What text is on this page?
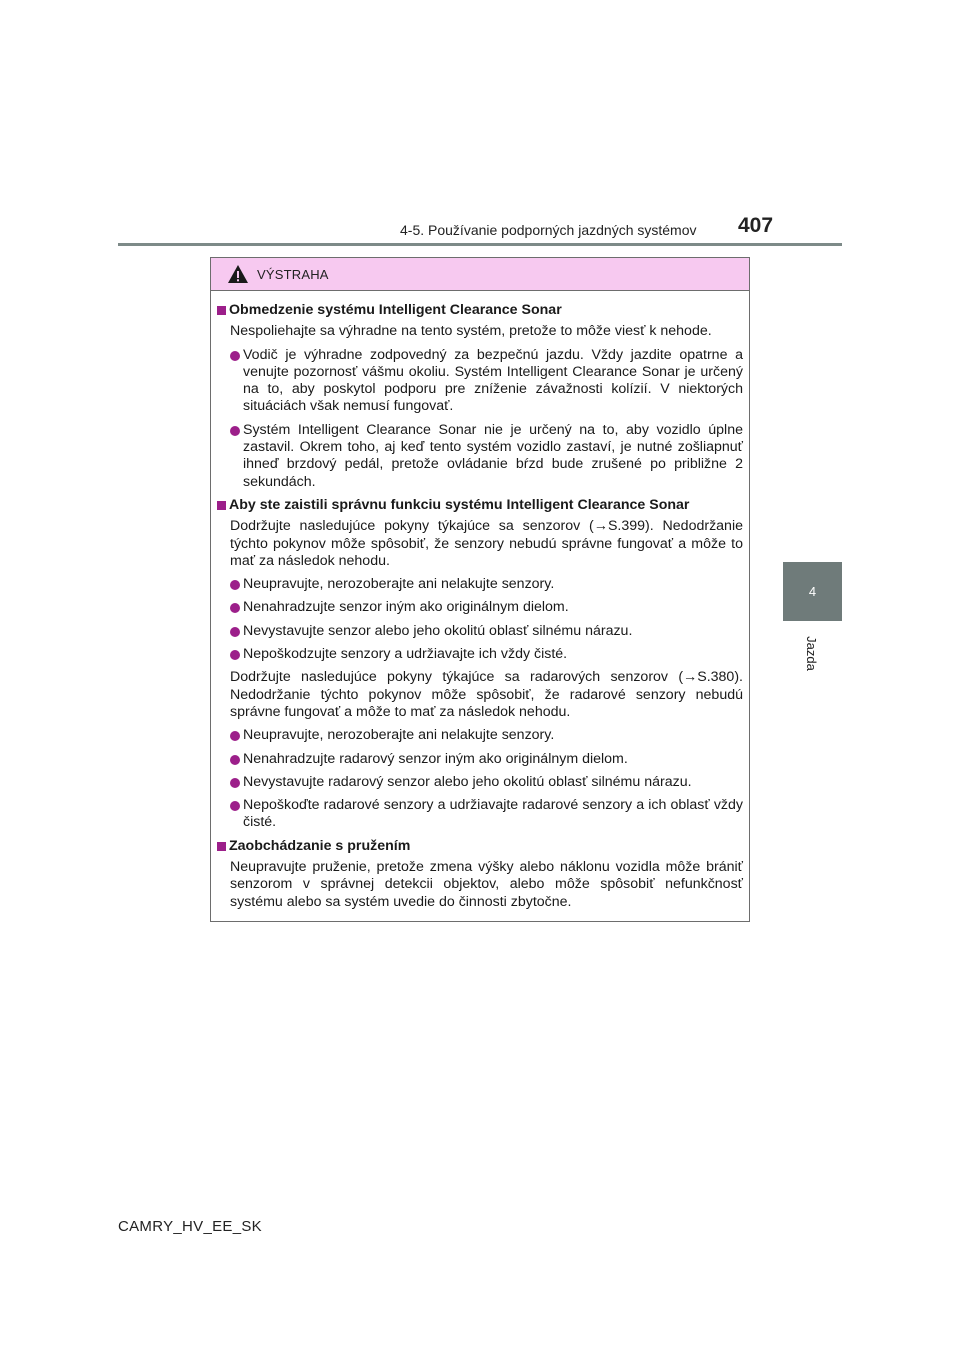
4-5. Používanie podporných jazdných systémov 407
4
Jazda
VÝSTRAHA
Obmedzenie systému Intelligent Clearance Sonar
Nespoliehajte sa výhradne na tento systém, pretože to môže viesť k nehode.
Vodič je výhradne zodpovedný za bezpečnú jazdu. Vždy jazdite opatrne a venujte pozornosť vášmu okoliu. Systém Intelligent Clearance Sonar je určený na to, aby poskytol podporu pre zníženie závažnosti kolízií. V niektorých situáciách však nemusí fungovať.
Systém Intelligent Clearance Sonar nie je určený na to, aby vozidlo úplne zastavil. Okrem toho, aj keď tento systém vozidlo zastaví, je nutné zošliapnuť ihneď brzdový pedál, pretože ovládanie bŕzd bude zrušené po približne 2 sekundách.
Aby ste zaistili správnu funkciu systému Intelligent Clearance Sonar
Dodržujte nasledujúce pokyny týkajúce sa senzorov (→S.399). Nedodržanie týchto pokynov môže spôsobiť, že senzory nebudú správne fungovať a môže to mať za následok nehodu.
Neupravujte, nerozoberajte ani nelakujte senzory.
Nenahradzujte senzor iným ako originálnym dielom.
Nevystavujte senzor alebo jeho okolitú oblasť silnému nárazu.
Nepoškodzujte senzory a udržiavajte ich vždy čisté.
Dodržujte nasledujúce pokyny týkajúce sa radarových senzorov (→S.380). Nedodržanie týchto pokynov môže spôsobiť, že radarové senzory nebudú správne fungovať a môže to mať za následok nehodu.
Neupravujte, nerozoberajte ani nelakujte senzory.
Nenahradzujte radarový senzor iným ako originálnym dielom.
Nevystavujte radarový senzor alebo jeho okolitú oblasť silnému nárazu.
Nepoškoďte radarové senzory a udržiavajte radarové senzory a ich oblasť vždy čisté.
Zaobchádzanie s pružením
Neupravujte pruženie, pretože zmena výšky alebo náklonu vozidla môže brániť senzorom v správnej detekcii objektov, alebo môže spôsobiť nefunkčnosť systému alebo sa systém uvedie do činnosti zbytočne.
CAMRY_HV_EE_SK
